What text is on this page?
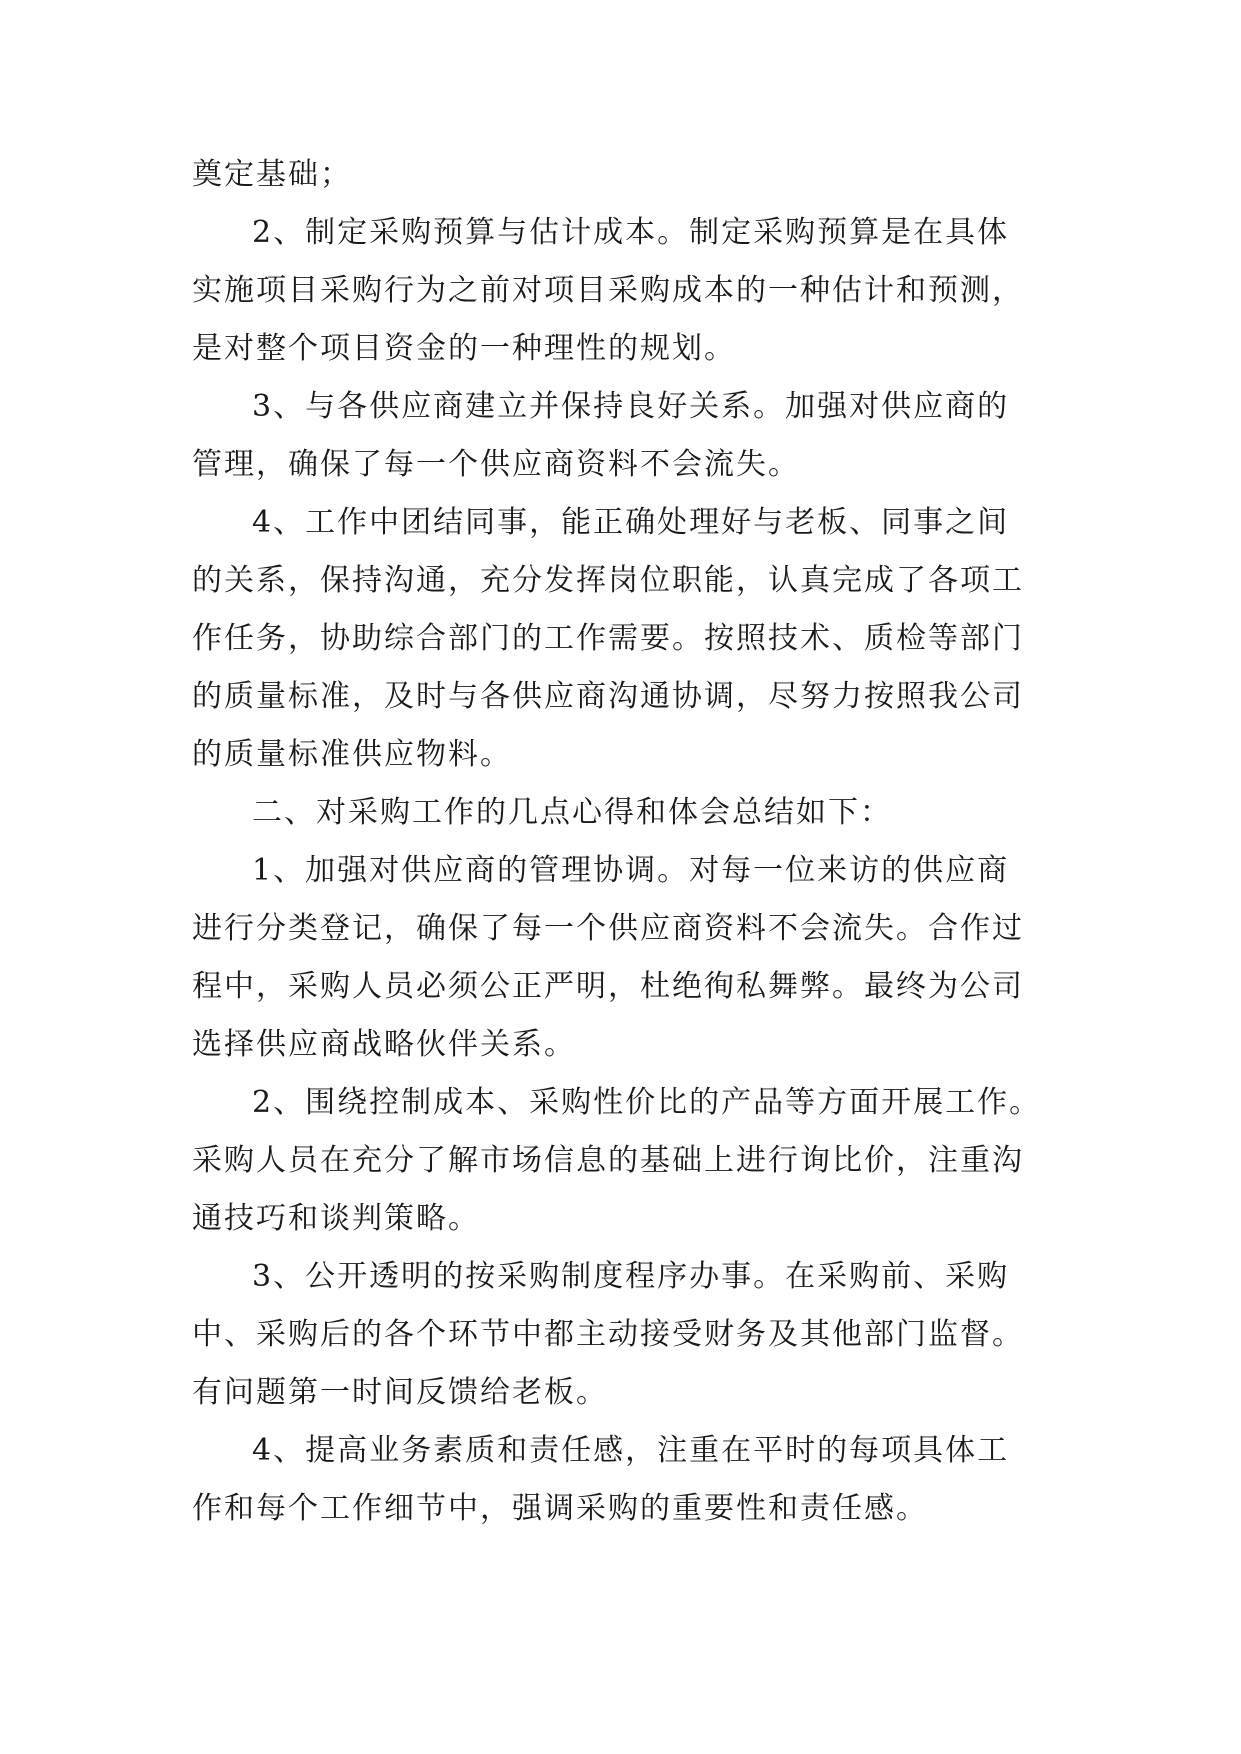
奠定基础；
2、制定采购预算与估计成本。制定采购预算是在具体
实施项目采购行为之前对项目采购成本的一种估计和预测，
是对整个项目资金的一种理性的规划。
3、与各供应商建立并保持良好关系。加强对供应商的
管理，确保了每一个供应商资料不会流失。
4、工作中团结同事，能正确处理好与老板、同事之间
的关系，保持沟通，充分发挥岗位职能，认真完成了各项工
作任务，协助综合部门的工作需要。按照技术、质检等部门
的质量标准，及时与各供应商沟通协调，尽努力按照我公司
的质量标准供应物料。
二、对采购工作的几点心得和体会总结如下：
1、加强对供应商的管理协调。对每一位来访的供应商
进行分类登记，确保了每一个供应商资料不会流失。合作过
程中，采购人员必须公正严明，杜绝徇私舞弊。最终为公司
选择供应商战略伙伴关系。
2、围绕控制成本、采购性价比的产品等方面开展工作。
采购人员在充分了解市场信息的基础上进行询比价，注重沟
通技巧和谈判策略。
3、公开透明的按采购制度程序办事。在采购前、采购
中、采购后的各个环节中都主动接受财务及其他部门监督。
有问题第一时间反馈给老板。
4、提高业务素质和责任感，注重在平时的每项具体工
作和每个工作细节中，强调采购的重要性和责任感。
